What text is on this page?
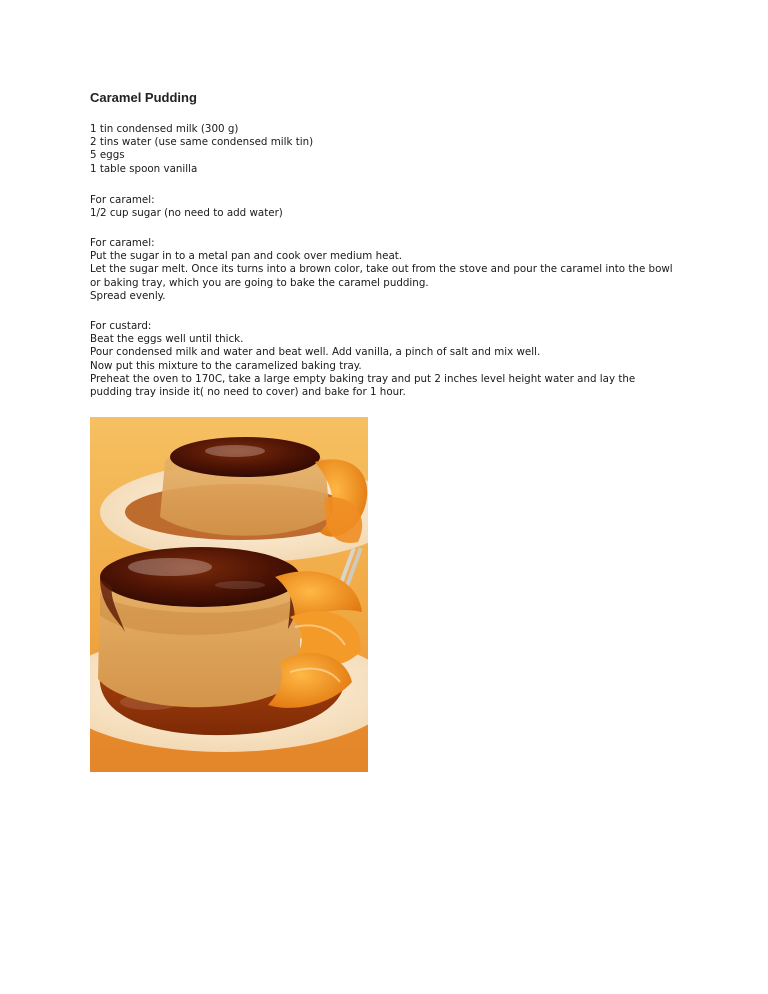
Caramel Pudding
1 tin condensed milk (300 g)
2 tins water (use same condensed milk tin)
5 eggs
1 table spoon vanilla
For caramel:
1/2 cup sugar (no need to add water)
For caramel:
Put the sugar in to a metal pan and cook over medium heat.
Let the sugar melt. Once its turns into a brown color, take out from the stove and pour the caramel into the bowl or baking tray, which you are going to bake the caramel pudding.
Spread evenly.
For custard:
Beat the eggs well until thick.
Pour condensed milk and water and beat well. Add vanilla, a pinch of salt and mix well.
Now put this mixture to the caramelized baking tray.
Preheat the oven to 170C, take a large empty baking tray and put 2 inches level height water and lay the pudding tray inside it( no need to cover) and bake for 1 hour.
